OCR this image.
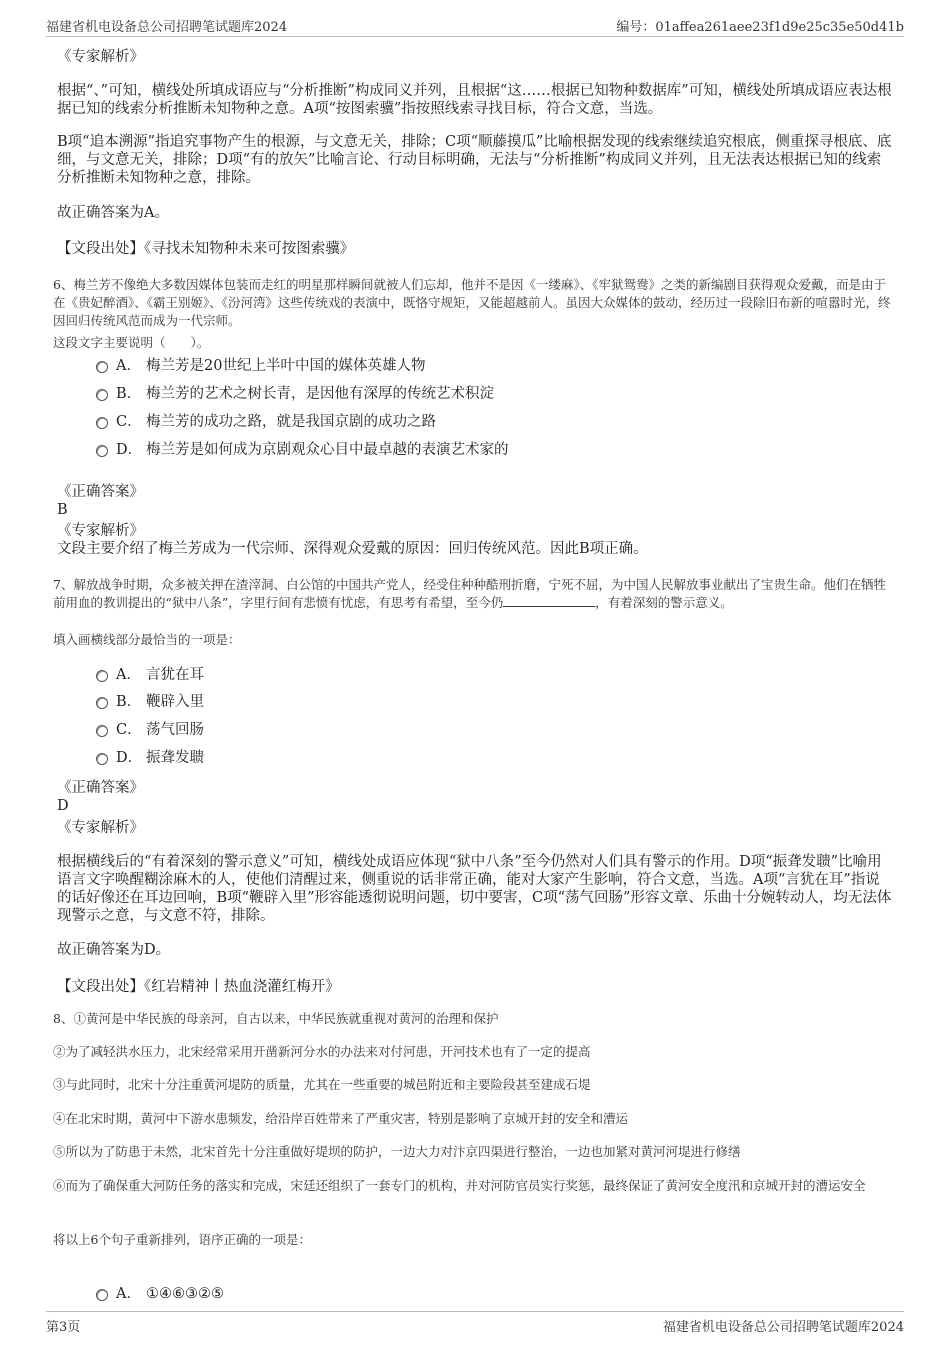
福建省机电设备总公司招聘笔试题库2024	编号：01affea261aee23f1d9e25c35e50d41b
《专家解析》
根据“、”可知，横线处所填成语应与“分析推断”构成同义并列，且根据“这……根据已知物种数据库”可知，横线处所填成语应表达根据已知的线索分析推断未知物种之意。A项“按图索骥”指按照线索寻找目标，符合文意，当选。
B项“追本溯源”指追究事物产生的根源，与文意无关，排除；C项“顺藤摸瓜”比喻根据发现的线索继续追究根底，侧重探寻根底、底细，与文意无关，排除；D项“有的放矢”比喻言论、行动目标明确，无法与“分析推断”构成同义并列，且无法表达根据已知的线索分析推断未知物种之意，排除。
故正确答案为A。
【文段出处】《寻找未知物种未来可按图索骥》
6、梅兰芳不像绝大多数因媒体包装而走红的明星那样瞬间就被人们忘却，他并不是因《一缕麻》、《牢狱鸳鸯》之类的新编剧目获得观众爱戴，而是由于在《贵妃醉酒》、《霸王别姬》、《汾河湾》这些传统戏的表演中，既恪守规矩，又能超越前人。虽因大众媒体的鼓动，经历过一段除旧布新的喧嚣时光，终因回归传统风范而成为一代宗师。
这段文字主要说明（　　）。
A． 梅兰芳是20世纪上半叶中国的媒体英雄人物
B． 梅兰芳的艺术之树长青，是因他有深厚的传统艺术积淀
C． 梅兰芳的成功之路，就是我国京剧的成功之路
D． 梅兰芳是如何成为京剧观众心目中最卓越的表演艺术家的
《正确答案》
B
《专家解析》
文段主要介绍了梅兰芳成为一代宗师、深得观众爱戴的原因：回归传统风范。因此B项正确。
7、解放战争时期，众多被关押在渣滓洞、白公馆的中国共产党人，经受住种种酷刑折磨，宁死不屈，为中国人民解放事业献出了宝贵生命。他们在牺牲前用血的教训提出的“狱中八条”，字里行间有悲愤有忧虑，有思考有希望，至今仍	，有着深刻的警示意义。
填入画横线部分最恰当的一项是：
A． 言犹在耳
B． 鞭辟入里
C． 荡气回肠
D． 振聋发聩
《正确答案》
D
《专家解析》
根据横线后的“有着深刻的警示意义”可知，横线处成语应体现“狱中八条”至今仍然对人们具有警示的作用。D项“振聋发聩”比喻用语言文字唤醒糊涂麻木的人，使他们清醒过来，侧重说的话非常正确，能对大家产生影响，符合文意，当选。A项“言犹在耳”指说的话好像还在耳边回响，B项“鞭辟入里”形容能透彻说明问题，切中要害，C项“荡气回肠”形容文章、乐曲十分婉转动人，均无法体现警示之意，与文意不符，排除。
故正确答案为D。
【文段出处】《红岩精神丨热血浇灌红梅开》
8、①黄河是中华民族的母亲河，自古以来，中华民族就重视对黄河的治理和保护
②为了减轻洪水压力，北宋经常采用开凿新河分水的办法来对付河患，开河技术也有了一定的提高
③与此同时，北宋十分注重黄河堤防的质量，尤其在一些重要的城邑附近和主要险段甚至建成石堤
④在北宋时期，黄河中下游水患频发，给沿岸百姓带来了严重灾害，特别是影响了京城开封的安全和漕运
⑤所以为了防患于未然，北宋首先十分注重做好堤坝的防护，一边大力对汴京四渠进行整治，一边也加紧对黄河河堤进行修缮
⑥而为了确保重大河防任务的落实和完成，宋廷还组织了一套专门的机构，并对河防官员实行奖惩，最终保证了黄河安全度汛和京城开封的漕运安全
将以上6个句子重新排列，语序正确的一项是：
A． ①④⑥③②⑤
第3页	福建省机电设备总公司招聘笔试题库2024
